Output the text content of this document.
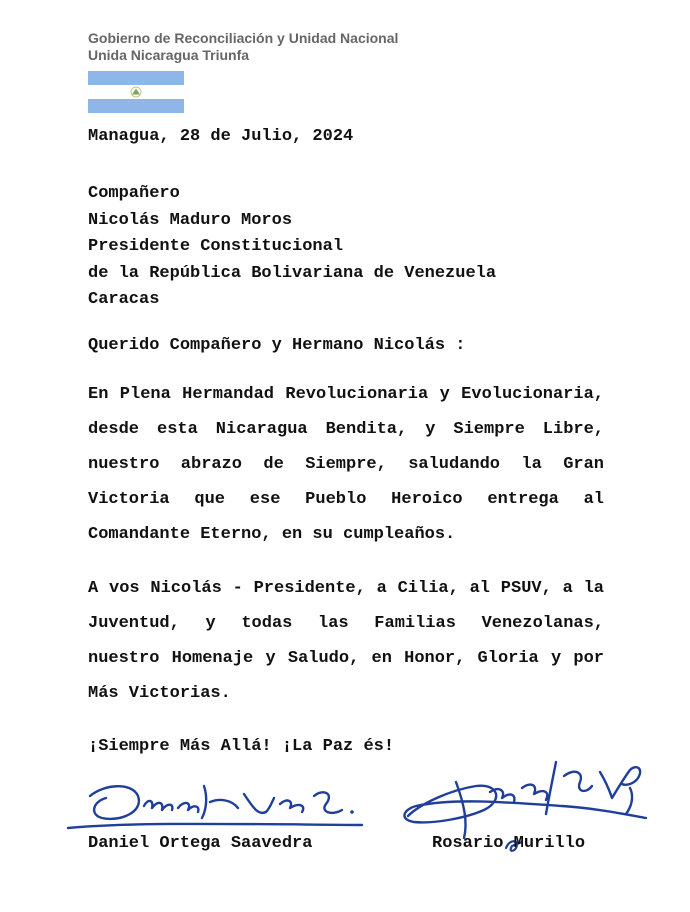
Gobierno de Reconciliación y Unidad Nacional
Unida Nicaragua Triunfa
Managua, 28 de Julio, 2024
Compañero
Nicolás Maduro Moros
Presidente Constitucional
de la República Bolivariana de Venezuela
Caracas
Querido Compañero y Hermano Nicolás :
En Plena Hermandad Revolucionaria y Evolucionaria, desde esta Nicaragua Bendita, y Siempre Libre, nuestro abrazo de Siempre, saludando la Gran Victoria que ese Pueblo Heroico entrega al Comandante Eterno, en su cumpleaños.
A vos Nicolás - Presidente, a Cilia, al PSUV, a la Juventud, y todas las Familias Venezolanas, nuestro Homenaje y Saludo, en Honor, Gloria y por Más Victorias.
¡Siempre Más Allá! ¡La Paz és!
Daniel Ortega Saavedra	Rosario Murillo
